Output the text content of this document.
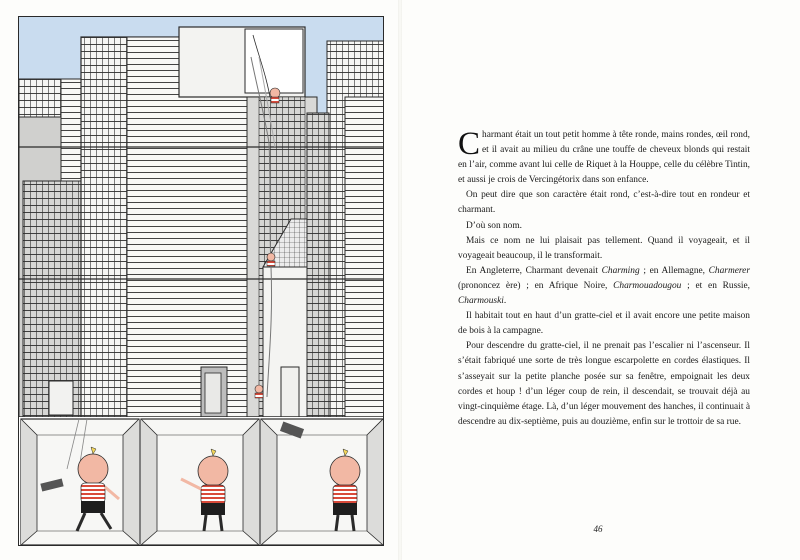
Charmant était un tout petit homme à tête ronde, mains rondes, œil rond, et il avait au milieu du crâne une touffe de cheveux blonds qui restait en l’air, comme avant lui celle de Riquet à la Houppe, celle du célèbre Tintin, et aussi je crois de Vercingétorix dans son enfance.

On peut dire que son caractère était rond, c’est-à-dire tout en rondeur et charmant.

D’où son nom.

Mais ce nom ne lui plaisait pas tellement. Quand il voyageait, et il voyageait beaucoup, il le transformait.

En Angleterre, Charmant devenait Charming ; en Allemagne, Charmerer (prononcez ère) ; en Afrique Noire, Charmouadougou ; et en Russie, Charmouski.

Il habitait tout en haut d’un gratte-ciel et il avait encore une petite maison de bois à la campagne.

Pour descendre du gratte-ciel, il ne prenait pas l’escalier ni l’ascenseur. Il s’était fabriqué une sorte de très longue escarpolette en cordes élastiques. Il s’asseyait sur la petite planche posée sur sa fenêtre, empoignait les deux cordes et houp ! d’un léger coup de rein, il descendait, se trouvait déjà au vingt-cinquième étage. Là, d’un léger mouvement des hanches, il continuait à descendre au dix-septième, puis au douzième, enfin sur le trottoir de sa rue.

46
